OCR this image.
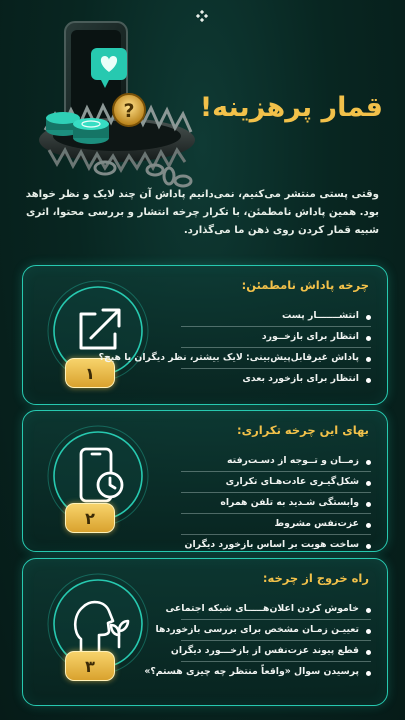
? قمار پرهزینه!

وقتی پستی منتشر می‌کنیم، نمی‌دانیم پاداش آن چند لایک و نظر خواهد بود. همین پاداش نامطمئن، با تکرار چرخه انتشار و بررسی محتوا، اثری شبیه قمار کردن روی ذهن ما می‌گذارد.

چرخه پاداش نامطمئن:
۱
انتشـــــــار پست
انتظار برای بازخــورد
پاداش غیرقابل‌پیش‌بینی: لایک بیشتر، نظر دیگران یا هیچ؟
انتظار برای بازخورد بعدی
بهای این چرخه تکراری:
۲
زمــان و تــوجه از دسـت‌رفته
شکل‌گیـری عادت‌هـای تکراری
وابستگی شـدید به تلفن همراه
عزت‌نفس مشروط
ساخت هویت بر اساس بازخورد دیگران
راه خروج از چرخه:
۳
خاموش کردن اعلان‌هـــــای شبکه اجتماعی
تعییـن زمـان مشخص برای بررسی بازخوردها
قطع پیوند عزت‌نفس از بازخـــورد دیگران
پرسیدن سوال «واقعاً منتظر چه چیزی هستم؟»
